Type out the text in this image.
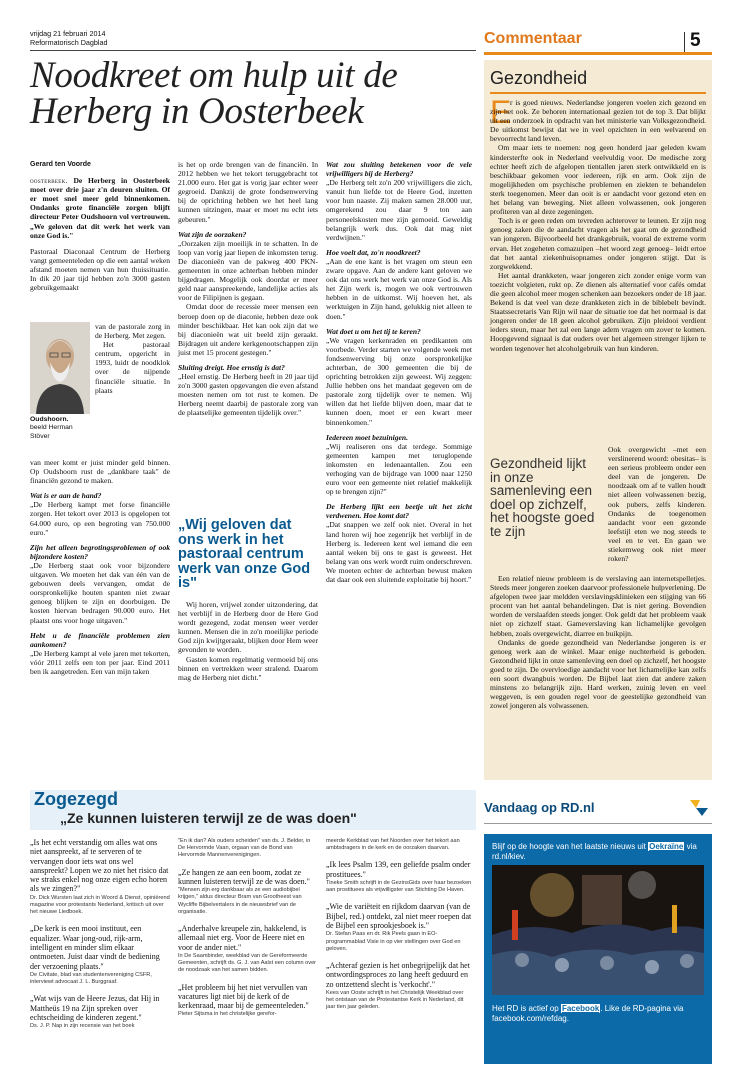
vrijdag 21 februari 2014
Reformatorisch Dagblad	Commentaar	5
Noodkreet om hulp uit de Herberg in Oosterbeek
Gerard ten Voorde

oosterbeek. De Herberg in Oosterbeek moet over drie jaar z'n deuren sluiten. Of er moet snel meer geld binnenkomen. Ondanks grote financiële zorgen blijft directeur Peter Oudshoorn vol vertrouwen. „We geloven dat dit werk het werk van onze God is."

Pastoraal Diaconaal Centrum de Herberg vangt gemeenteleden op die een aantal weken afstand moeten nemen van hun thuissituatie. In dik 20 jaar tijd hebben zo'n 3000 gasten gebruikgemaakt

van de pastorale zorg in de Herberg. Met zegen.

Het pastoraal centrum, opgericht in 1993, luidt de noodklok over de nijpende financiële situatie. In plaats

Oudshoorn.
beeld Herman Stöver

van meer komt er juist minder geld binnen. Op Oudshoorn rust de „dankbare taak" de financiën gezond te maken.

Wat is er aan de hand?

„De Herberg kampt met forse financiële zorgen. Het tekort over 2013 is opgelopen tot 64.000 euro, op een begroting van 750.000 euro."

Zijn het alleen begrotingsproblemen of ook bijzondere kosten?

„De Herberg staat ook voor bijzondere uitgaven. We moeten het dak van één van de gebouwen deels vervangen, omdat de oorspronkelijke houten spanten niet zwaar genoeg blijken te zijn en doorbuigen. De kosten hiervan bedragen 90.000 euro. Het plaatst ons voor hoge uitgaven."

Hebt u de financiële problemen zien aankomen?

„De Herberg kampt al vele jaren met tekorten, vóór 2011 zelfs een ton per jaar. Eind 2011 ben ik aangetreden. Een van mijn taken

is het op orde brengen van de financiën. In 2012 hebben we het tekort teruggebracht tot 21.000 euro. Het gat is vorig jaar echter weer gegroeid. Dankzij de grote fondsenwerving bij de oprichting hebben we het heel lang kunnen uitzingen, maar er moet nu echt iets gebeuren."

Wat zijn de oorzaken?

„Oorzaken zijn moeilijk in te schatten. In de loop van vorig jaar liepen de inkomsten terug. De diaconieën van de pakweg 400 PKN-gemeenten in onze achterban hebben minder bijgedragen. Mogelijk ook doordat er meer geld naar aanspreekende, landelijke acties als voor de Filipijnen is gegaan.

Omdat door de recessie meer mensen een beroep doen op de diaconie, hebben deze ook minder beschikbaar. Het kan ook zijn dat we bij diaconieën wat uit beeld zijn geraakt. Bijdragen uit andere kerkgenootschappen zijn juist met 15 procent gestegen."

Sluiting dreigt. Hoe ernstig is dat?

„Heel ernstig. De Herberg heeft in 20 jaar tijd zo'n 3000 gasten opgevangen die even afstand moesten nemen om tot rust te komen. De Herberg neemt daarbij de pastorale zorg van de plaatselijke gemeenten tijdelijk over."

„Wij geloven dat ons werk in het pastoraal centrum werk van onze God is"

Wij horen, vrijwel zonder uitzondering, dat het verblijf in de Herberg door de Here God wordt gezegend, zodat mensen weer verder kunnen. Mensen die in zo'n moeilijke periode God zijn kwijtgeraakt, blijken door Hem weer gevonden te worden.

Gasten komen regelmatig vermoeid bij ons binnen en vertrekken weer stralend. Daarom mag de Herberg niet dicht."

Wat zou sluiting betekenen voor de vele vrijwilligers bij de Herberg?

„De Herberg telt zo'n 200 vrijwilligers die zich, vanuit hun liefde tot de Heere God, inzetten voor hun naaste. Zij maken samen 28.000 uur, omgerekend zou daar 9 ton aan personeelskosten mee zijn gemoeid. Geweldig belangrijk werk dus. Ook dat mag niet verdwijnen."

Hoe voelt dat, zo'n noodkreet?

„Aan de ene kant is het vragen om steun een zware opgave. Aan de andere kant geloven we ook dat ons werk het werk van onze God is. Als het Zijn werk is, mogen we ook vertrouwen hebben in de uitkomst. Wij hoeven het, als werktuigen in Zijn hand, gelukkig niet alleen te doen."

Wat doet u om het tij te keren?

„We vragen kerkenraden en predikanten om voorbede. Verder starten we volgende week met fondsenwerving bij onze oorspronkelijke achterban, de 300 gemeenten die bij de oprichting betrokken zijn geweest. Wij zeggen: Jullie hebben ons het mandaat gegeven om de pastorale zorg tijdelijk over te nemen. Wij willen dat het liefde blijven doen, maar dat te kunnen doen, moet er een kwart meer binnenkomen."

Iedereen moet bezuinigen.

„Wij realiseren ons dat terdege. Sommige gemeenten kampen met teruglopende inkomsten en ledenaantallen. Zou een verhoging van de bijdrage van 1000 naar 1250 euro voor een gemeente niet relatief makkelijk op te brengen zijn?"

De Herberg lijkt een beetje uit het zicht verdwenen. Hoe komt dat?

„Dat snappen we zelf ook niet. Overal in het land horen wij hoe zegenrijk het verblijf in de Herberg is. Iedereen kent wel iemand die een aantal weken bij ons te gast is geweest. Het belang van ons werk wordt ruim onderschreven. We moeten echter de achterban bewust maken dat daar ook een sluitende exploitatie bij hoort."

Gezondheid
E

r is goed nieuws. Nederlandse jongeren voelen zich gezond en zijn het ook. Ze behoren internationaal gezien tot de top 3. Dat blijkt uit een onderzoek in opdracht van het ministerie van Volksgezondheid. De uitkomst bewijst dat we in veel opzichten in een welvarend en bevoorrecht land leven.

Om maar iets te noemen: nog geen honderd jaar geleden kwam kindersterfte ook in Nederland veelvuldig voor. De medische zorg echter heeft zich de afgelopen tientallen jaren sterk ontwikkeld en is beschikbaar gekomen voor iedereen, rijk en arm. Ook zijn de mogelijkheden om psychische problemen en ziekten te behandelen sterk toegenomen. Meer dan ooit is er aandacht voor gezond eten en het belang van beweging. Niet alleen volwassenen, ook jongeren profiteren van al deze zegeningen.

Toch is er geen reden om tevreden achterover te leunen. Er zijn nog genoeg zaken die de aandacht vragen als het gaat om de gezondheid van jongeren. Bijvoorbeeld het drankgebruik, vooral de extreme vorm ervan. Het zogeheten comazuipen –het woord zegt genoeg– leidt ertoe dat het aantal ziekenhuisopnames onder jongeren stijgt. Dat is zorgwekkend.

Het aantal drankketen, waar jongeren zich zonder enige vorm van toezicht volgieten, rukt op. Ze dienen als alternatief voor cafés omdat die geen alcohol meer mogen schenken aan bezoekers onder de 18 jaar. Bekend is dat veel van deze drankketen zich in de biblebelt bevindt. Staatssecretaris Van Rijn wil naar de situatie toe dat het normaal is dat jongeren onder de 18 geen alcohol gebruiken. Zijn pleidooi verdient ieders steun, maar het zal een lange adem vragen om zover te komen. Hoopgevend signaal is dat ouders over het algemeen strenger lijken te worden tegenover het alcoholgebruik van hun kinderen.

Gezondheid lijkt in onze samenleving een doel op zichzelf, het hoogste goed te zijn

Ook overgewicht –met een verslinerend woord: obesitas– is een serieus probleem onder een deel van de jongeren. De noodzaak om af te vallen houdt niet alleen volwassenen bezig, ook pubers, zelfs kinderen. Ondanks de toegenomen aandacht voor een gezonde leefstijl eten we nog steeds te veel en te vet. En gaan we stiekemweg ook niet meer roken?

Een relatief nieuw probleem is de verslaving aan internetspelletjes. Steeds meer jongeren zoeken daarvoor professionele hulpverlening. De afgelopen twee jaar meldden verslavingsklinieken een stijging van 66 procent van het aantal behandelingen. Dat is niet gering. Bovendien worden de verslaafden steeds jonger. Ook geldt dat het probleem vaak niet op zichzelf staat. Gameverslaving kan lichamelijke gevolgen hebben, zoals overgewicht, diarree en buikpijn.

Ondanks de goede gezondheid van Nederlandse jongeren is er genoeg werk aan de winkel. Maar enige nuchterheid is geboden. Gezondheid lijkt in onze samenleving een doel op zichzelf, het hoogste goed te zijn. De overvloedige aandacht voor het lichamelijke kan zelfs een soort dwangbuis worden. De Bijbel laat zien dat andere zaken minstens zo belangrijk zijn. Hard werken, zuinig leven en veel weggeven, is een gouden regel voor de geestelijke gezondheid van zowel jongeren als volwassenen.

Zogezegd
„Ze kunnen luisteren terwijl ze de was doen"
„Is het echt verstandig om alles wat ons niet aanspreekt, af te serveren of te vervangen door iets wat ons wel aanspreekt? Lopen we zo niet het risico dat we straks enkel nog onze eigen echo horen als we zingen?"
Dr. Dick Wursten laat zich in Woord & Dienst, opiniërend magazine voor protestants Nederland, kritisch uit over het nieuwe Liedboek.
„De kerk is een mooi instituut, een equalizer. Waar jong-oud, rijk-arm, intelligent en minder slim elkaar ontmoeten. Juist daar vindt de bediening der verzoening plaats."
De Civitate, blad van studentenvereniging CSFR, interviewt advocaat J. L. Burggraaf.
„Wat wijs van de Heere Jezus, dat Hij in Mattheüs 19 na Zijn spreken over echtscheiding de kinderen zegent."
Ds. J. P. Nap in zijn recensie van het boek
"En ik dan? Als ouders scheiden" van ds. J. Belder, in De Hervormde Vaan, orgaan van de Bond van Hervormde Mannenverenigingen.
„Ze hangen ze aan een boom, zodat ze kunnen luisteren terwijl ze de was doen."
"Mensen zijn erg dankbaar als ze een audiobijbel krijgen," aldus directeur Bram van Grootheest van Wycliffe Bijbelvertalers in de nieuwsbrief van de organisatie.
„Anderhalve kreupele zin, hakkelend, is allemaal niet erg. Voor de Heere niet en voor de ander niet."
In De Saambinder, weekblad van de Gereformeerde Gemeenten, schrijft ds. G. J. van Aalst een column over de noodzaak van het samen bidden.
„Het probleem bij het niet vervullen van vacatures ligt niet bij de kerk of de kerkenraad, maar bij de gemeenteleden."
Pieter Sijtsma in het christelijke gerefor-
meerde Kerkblad van het Noorden over het tekort aan ambtsdragers in de kerk en de oorzaken daarvan.
„Ik lees Psalm 139, een geliefde psalm onder prostituees."
Tineke Smith schrijft in de GezinsGids over haar bezoeken aan prostituees als vrijwilligster van Stichting De Haven.
„Wie de variëteit en rijkdom daarvan (van de Bijbel, red.) ontdekt, zal niet meer roepen dat de Bijbel een sprookjesboek is."
Dr. Stefan Paas en dr. Rik Peels gaan in EO-programmablad Visie in op vier stellingen over God en geloven.
„Achteraf gezien is het onbegrijpelijk dat het ontwordingsproces zo lang heeft geduurd en zo ontzettend slecht is 'verkocht'."
Kees van Ooste schrijft in het Christelijk Weekblad over het ontstaan van de Protestantse Kerk in Nederland, dit jaar tien jaar geleden.
Vandaag op RD.nl
Blijf op de hoogte van het laatste nieuws uit Oekraïne via rd.nl/kiev.
Het RD is actief op Facebook. Like de RD-pagina via facebook.com/refdag.
